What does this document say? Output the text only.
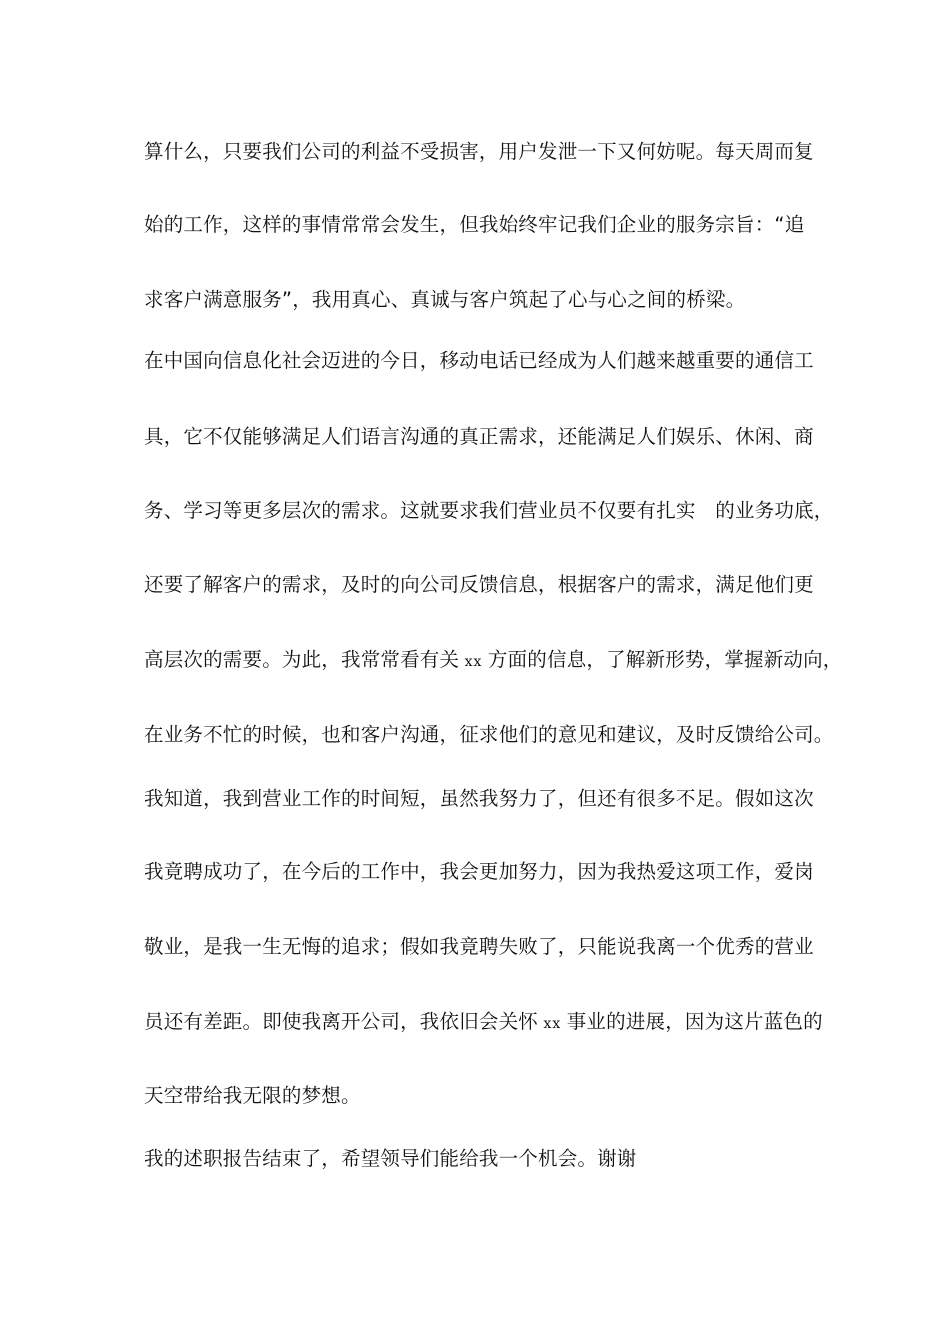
算什么，只要我们公司的利益不受损害，用户发泄一下又何妨呢。每天周而复
始的工作，这样的事情常常会发生，但我始终牢记我们企业的服务宗旨：“追
求客户满意服务”，我用真心、真诚与客户筑起了心与心之间的桥梁。
在中国向信息化社会迈进的今日，移动电话已经成为人们越来越重要的通信工
具，它不仅能够满足人们语言沟通的真正需求，还能满足人们娱乐、休闲、商
务、学习等更多层次的需求。这就要求我们营业员不仅要有扎实　的业务功底，
还要了解客户的需求，及时的向公司反馈信息，根据客户的需求，满足他们更
高层次的需要。为此，我常常看有关 xx 方面的信息，了解新形势，掌握新动向，
在业务不忙的时候，也和客户沟通，征求他们的意见和建议，及时反馈给公司。
我知道，我到营业工作的时间短，虽然我努力了，但还有很多不足。假如这次
我竟聘成功了，在今后的工作中，我会更加努力，因为我热爱这项工作，爱岗
敬业，是我一生无悔的追求；假如我竟聘失败了，只能说我离一个优秀的营业
员还有差距。即使我离开公司，我依旧会关怀 xx 事业的进展，因为这片蓝色的
天空带给我无限的梦想。
我的述职报告结束了，希望领导们能给我一个机会。谢谢
